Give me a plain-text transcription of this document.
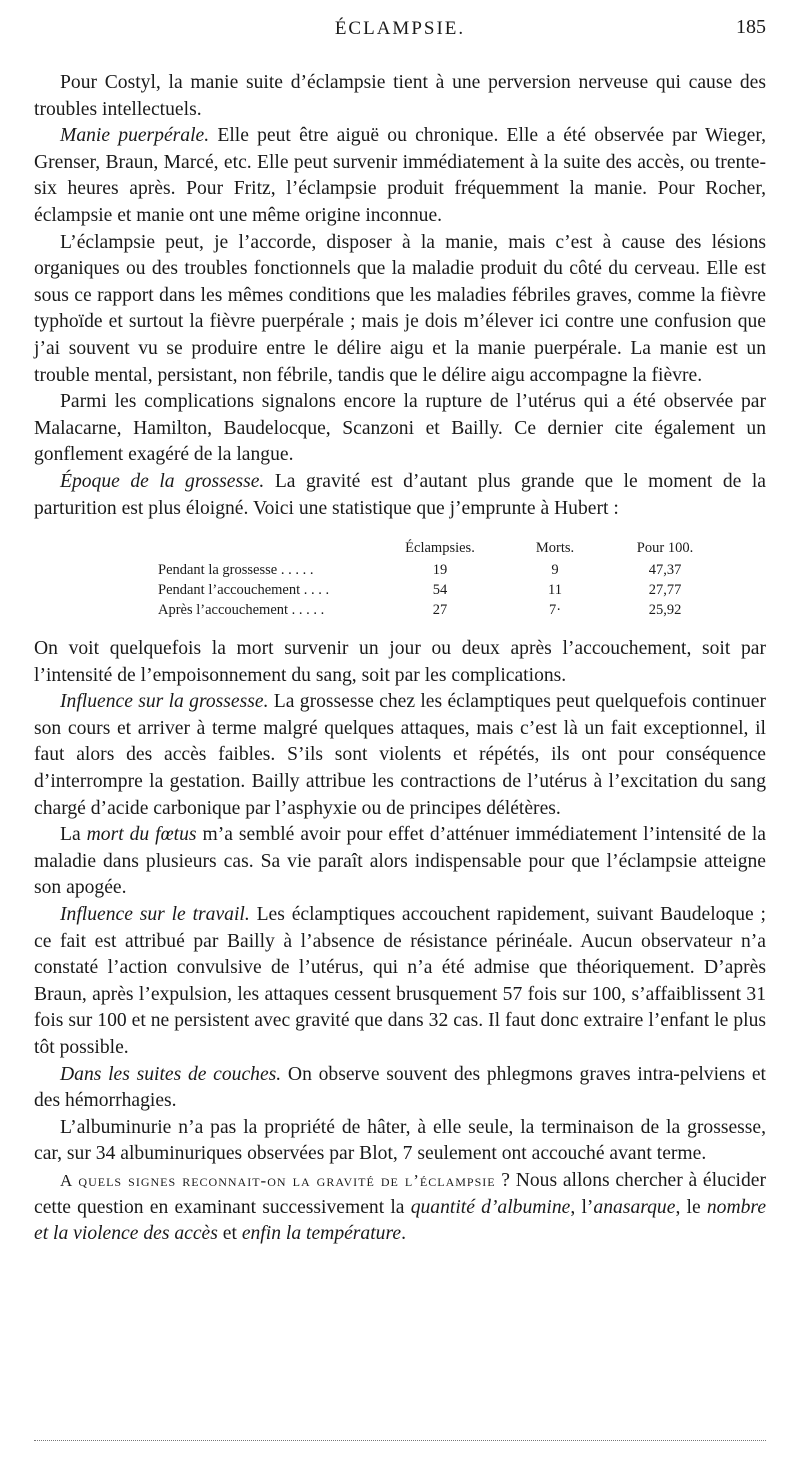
ÉCLAMPSIE.	185

Pour Costyl, la manie suite d’éclampsie tient à une perversion nerveuse qui cause des troubles intellectuels.

Manie puerpérale. Elle peut être aiguë ou chronique. Elle a été observée par Wieger, Grenser, Braun, Marcé, etc. Elle peut survenir immédiatement à la suite des accès, ou trente-six heures après. Pour Fritz, l’éclampsie produit fréquemment la manie. Pour Rocher, éclampsie et manie ont une même origine inconnue.

L’éclampsie peut, je l’accorde, disposer à la manie, mais c’est à cause des lésions organiques ou des troubles fonctionnels que la maladie produit du côté du cerveau. Elle est sous ce rapport dans les mêmes conditions que les maladies fébriles graves, comme la fièvre typhoïde et surtout la fièvre puerpérale ; mais je dois m’élever ici contre une confusion que j’ai souvent vu se produire entre le délire aigu et la manie puerpérale. La manie est un trouble mental, persistant, non fébrile, tandis que le délire aigu accompagne la fièvre.

Parmi les complications signalons encore la rupture de l’utérus qui a été observée par Malacarne, Hamilton, Baudelocque, Scanzoni et Bailly. Ce dernier cite également un gonflement exagéré de la langue.

Époque de la grossesse. La gravité est d’autant plus grande que le moment de la parturition est plus éloigné. Voici une statistique que j’emprunte à Hubert :

	Éclampsies.	Morts.	Pour 100.
Pendant la grossesse . . . . .	19	9	47,37
Pendant l’accouchement . . . .	54	11	27,77
Après l’accouchement . . . . .	27	7·	25,92

On voit quelquefois la mort survenir un jour ou deux après l’accouchement, soit par l’intensité de l’empoisonnement du sang, soit par les complications.

Influence sur la grossesse. La grossesse chez les éclamptiques peut quelquefois continuer son cours et arriver à terme malgré quelques attaques, mais c’est là un fait exceptionnel, il faut alors des accès faibles. S’ils sont violents et répétés, ils ont pour conséquence d’interrompre la gestation. Bailly attribue les contractions de l’utérus à l’excitation du sang chargé d’acide carbonique par l’asphyxie ou de principes délétères.

La mort du fœtus m’a semblé avoir pour effet d’atténuer immédiatement l’intensité de la maladie dans plusieurs cas. Sa vie paraît alors indispensable pour que l’éclampsie atteigne son apogée.

Influence sur le travail. Les éclamptiques accouchent rapidement, suivant Baudeloque ; ce fait est attribué par Bailly à l’absence de résistance périnéale. Aucun observateur n’a constaté l’action convulsive de l’utérus, qui n’a été admise que théoriquement. D’après Braun, après l’expulsion, les attaques cessent brusquement 57 fois sur 100, s’affaiblissent 31 fois sur 100 et ne persistent avec gravité que dans 32 cas. Il faut donc extraire l’enfant le plus tôt possible.

Dans les suites de couches. On observe souvent des phlegmons graves intra-pelviens et des hémorrhagies.

L’albuminurie n’a pas la propriété de hâter, à elle seule, la terminaison de la grossesse, car, sur 34 albuminuriques observées par Blot, 7 seulement ont accouché avant terme.

A quels signes reconnait-on la gravité de l’éclampsie ? Nous allons chercher à élucider cette question en examinant successivement la quantité d’albumine, l’anasarque, le nombre et la violence des accès et enfin la température.
